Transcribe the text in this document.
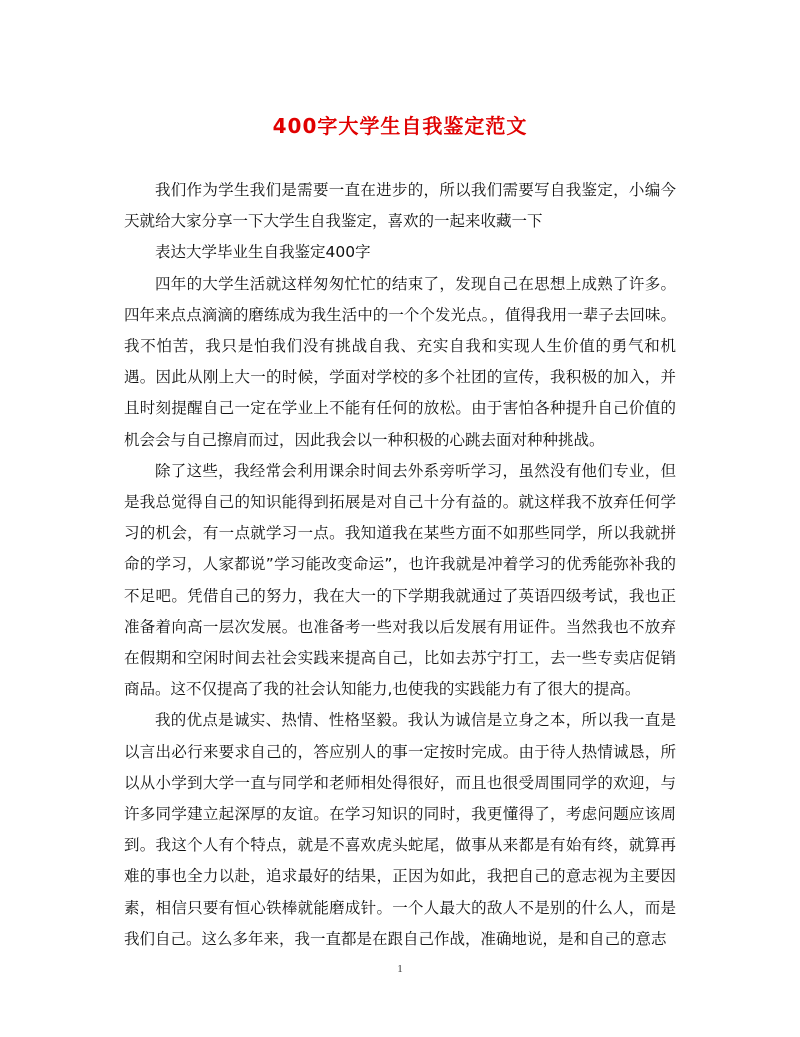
400字大学生自我鉴定范文

我们作为学生我们是需要一直在进步的，所以我们需要写自我鉴定，小编今天就给大家分享一下大学生自我鉴定，喜欢的一起来收藏一下

表达大学毕业生自我鉴定400字

四年的大学生活就这样匆匆忙忙的结束了，发现自己在思想上成熟了许多。四年来点点滴滴的磨练成为我生活中的一个个发光点。，值得我用一辈子去回味。我不怕苦，我只是怕我们没有挑战自我、充实自我和实现人生价值的勇气和机遇。因此从刚上大一的时候，学面对学校的多个社团的宣传，我积极的加入，并且时刻提醒自己一定在学业上不能有任何的放松。由于害怕各种提升自己价值的机会会与自己擦肩而过，因此我会以一种积极的心跳去面对种种挑战。

除了这些，我经常会利用课余时间去外系旁听学习，虽然没有他们专业，但是我总觉得自己的知识能得到拓展是对自己十分有益的。就这样我不放弃任何学习的机会，有一点就学习一点。我知道我在某些方面不如那些同学，所以我就拼命的学习，人家都说”学习能改变命运”，也许我就是冲着学习的优秀能弥补我的不足吧。凭借自己的努力，我在大一的下学期我就通过了英语四级考试，我也正准备着向高一层次发展。也准备考一些对我以后发展有用证件。当然我也不放弃在假期和空闲时间去社会实践来提高自己，比如去苏宁打工，去一些专卖店促销商品。这不仅提高了我的社会认知能力,也使我的实践能力有了很大的提高。

我的优点是诚实、热情、性格坚毅。我认为诚信是立身之本，所以我一直是以言出必行来要求自己的，答应别人的事一定按时完成。由于待人热情诚恳，所以从小学到大学一直与同学和老师相处得很好，而且也很受周围同学的欢迎，与许多同学建立起深厚的友谊。在学习知识的同时，我更懂得了，考虑问题应该周到。我这个人有个特点，就是不喜欢虎头蛇尾，做事从来都是有始有终，就算再难的事也全力以赴，追求最好的结果，正因为如此，我把自己的意志视为主要因素，相信只要有恒心铁棒就能磨成针。一个人最大的敌人不是别的什么人，而是我们自己。这么多年来，我一直都是在跟自己作战，准确地说，是和自己的意志

1
